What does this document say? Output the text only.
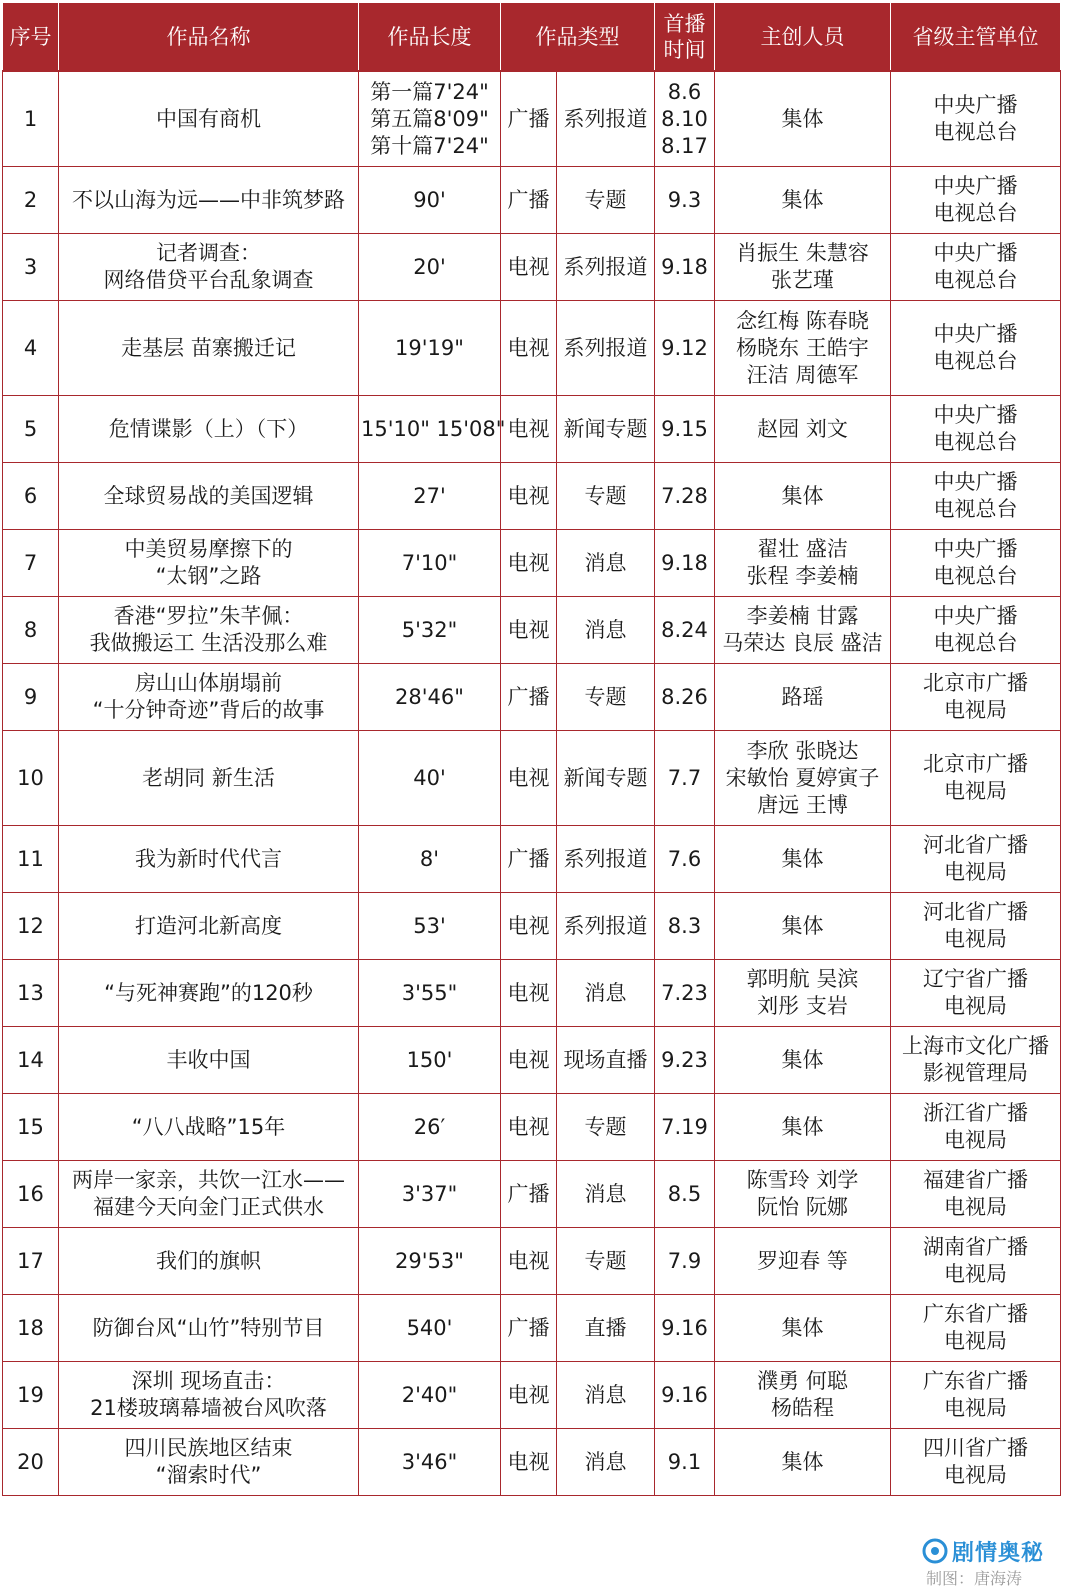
序号	作品名称	作品长度	作品类型		首播 时间	主创人员	省级主管单位
1	中国有商机	第一篇7'24"
第五篇8'09"
第十篇7'24"	广播	系列报道	8.6
8.10
8.17	集体	中央广播
电视总台

2	不以山海为远——中非筑梦路	90'	广播	专题	9.3	集体	中央广播
电视总台

3	记者调查：
网络借贷平台乱象调查	20'	电视	系列报道	9.18	肖振生 朱慧容
张艺瑾	中央广播
电视总台

4	走基层 苗寨搬迁记	19'19"	电视	系列报道	9.12	念红梅 陈春晓
杨晓东 王皓宇
汪洁 周德军	中央广播
电视总台

5	危情谍影（上）（下）	15'10" 15'08"	电视	新闻专题	9.15	赵园 刘文	中央广播
电视总台

6	全球贸易战的美国逻辑	27'	电视	专题	7.28	集体	中央广播
电视总台

7	中美贸易摩擦下的
“太钢”之路	7'10"	电视	消息	9.18	翟壮 盛洁
张程 李姜楠	中央广播
电视总台

8	香港“罗拉”朱芊佩：
我做搬运工 生活没那么难	5'32"	电视	消息	8.24	李姜楠 甘露
马荣达 良辰 盛洁	中央广播
电视总台

9	房山山体崩塌前
“十分钟奇迹”背后的故事	28'46"	广播	专题	8.26	路瑶	北京市广播
电视局

10	老胡同 新生活	40'	电视	新闻专题	7.7	李欣 张晓达
宋敏怡 夏婷寅子
唐远 王博	北京市广播
电视局

11	我为新时代代言	8'	广播	系列报道	7.6	集体	河北省广播
电视局

12	打造河北新高度	53'	电视	系列报道	8.3	集体	河北省广播
电视局

13	“与死神赛跑”的120秒	3'55"	电视	消息	7.23	郭明航 吴滨
刘彤 支岩	辽宁省广播
电视局

14	丰收中国	150'	电视	现场直播	9.23	集体	上海市文化广播
影视管理局

15	“八八战略”15年	26′	电视	专题	7.19	集体	浙江省广播
电视局

16	两岸一家亲，共饮一江水——
福建今天向金门正式供水	3'37"	广播	消息	8.5	陈雪玲 刘学
阮怡 阮娜	福建省广播
电视局

17	我们的旗帜	29'53"	电视	专题	7.9	罗迎春 等	湖南省广播
电视局

18	防御台风“山竹”特别节目	540'	广播	直播	9.16	集体	广东省广播
电视局

19	深圳 现场直击：
21楼玻璃幕墙被台风吹落	2'40"	电视	消息	9.16	濮勇 何聪
杨皓程	广东省广播
电视局

20	四川民族地区结束
“溜索时代”	3'46"	电视	消息	9.1	集体	四川省广播
电视局
剧情奥秘
制图：唐海涛
